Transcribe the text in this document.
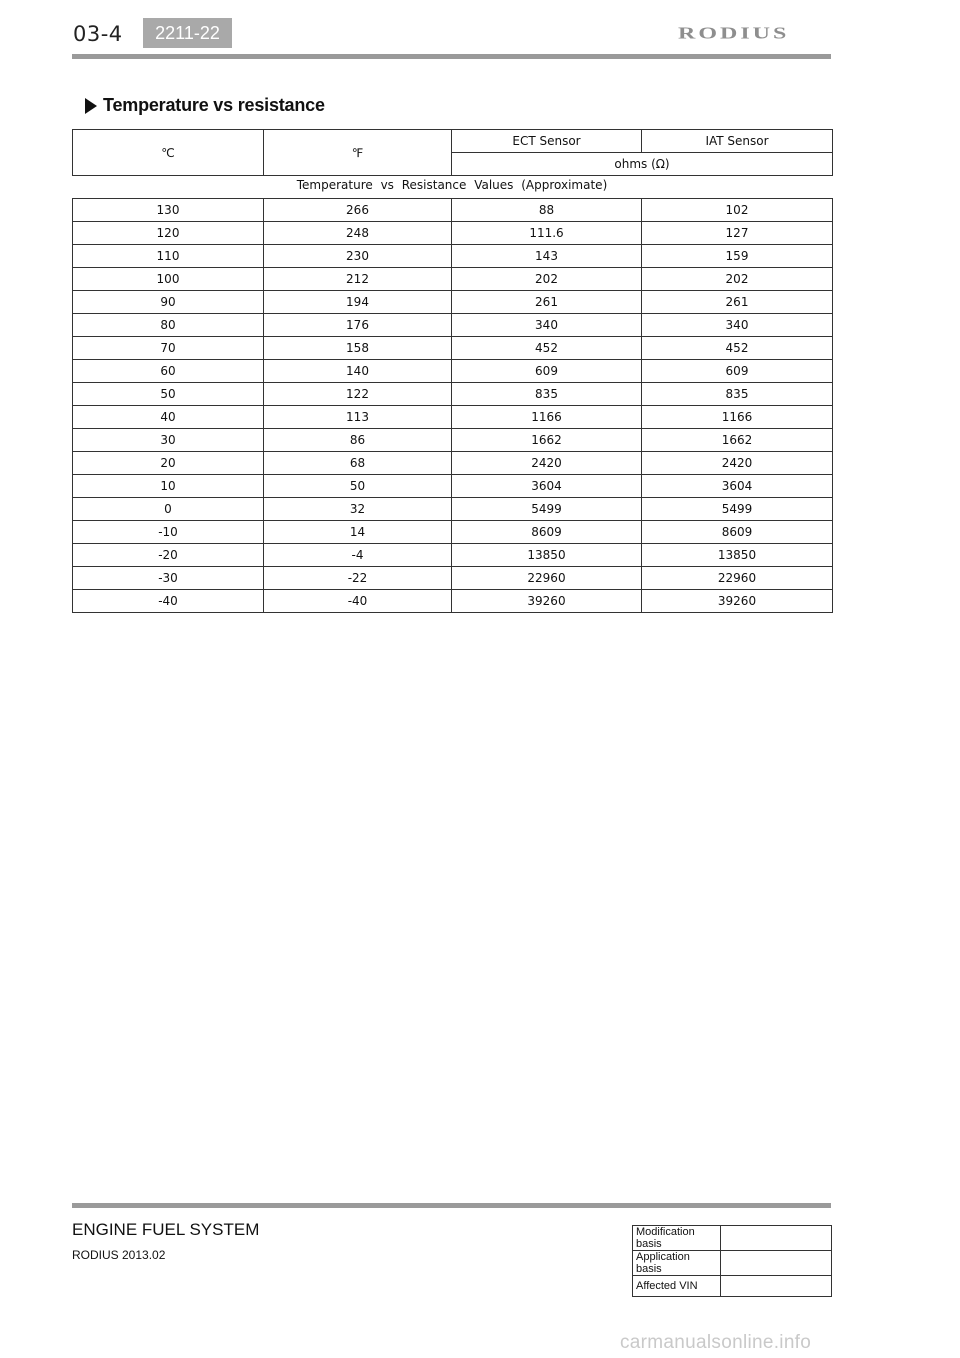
03-4	2211-22	RODIUS
Temperature vs resistance
℃	℉	ECT Sensor	IAT Sensor
ohms (Ω)
Temperature vs Resistance Values (Approximate)
130	266	88	102
120	248	111.6	127
110	230	143	159
100	212	202	202
90	194	261	261
80	176	340	340
70	158	452	452
60	140	609	609
50	122	835	835
40	113	1166	1166
30	86	1662	1662
20	68	2420	2420
10	50	3604	3604
0	32	5499	5499
-10	14	8609	8609
-20	-4	13850	13850
-30	-22	22960	22960
-40	-40	39260	39260
ENGINE FUEL SYSTEM
RODIUS 2013.02
Modification basis	
Application basis	
Affected VIN	
carmanualsonline.info
